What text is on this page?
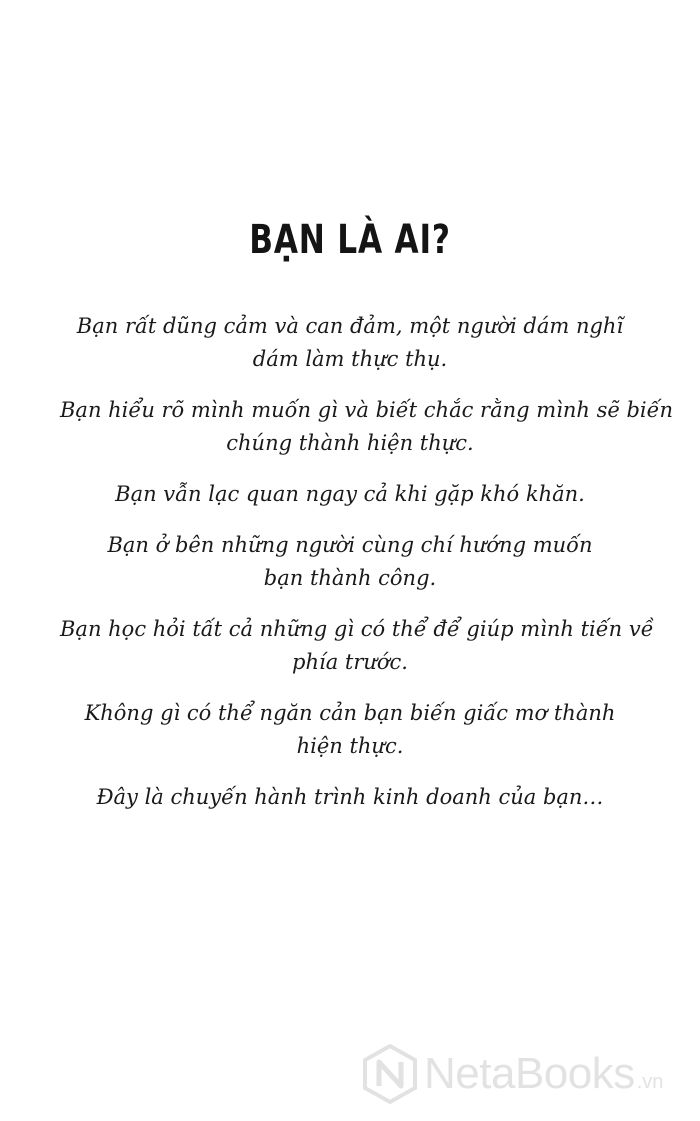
BẠN LÀ AI?

Bạn rất dũng cảm và can đảm, một người dám nghĩ
dám làm thực thụ.

Bạn hiểu rõ mình muốn gì và biết chắc rằng mình sẽ biến
chúng thành hiện thực.

Bạn vẫn lạc quan ngay cả khi gặp khó khăn.

Bạn ở bên những người cùng chí hướng muốn
bạn thành công.

Bạn học hỏi tất cả những gì có thể để giúp mình tiến về
phía trước.

Không gì có thể ngăn cản bạn biến giấc mơ thành
hiện thực.

Đây là chuyến hành trình kinh doanh của bạn…

NetaBooks .vn
